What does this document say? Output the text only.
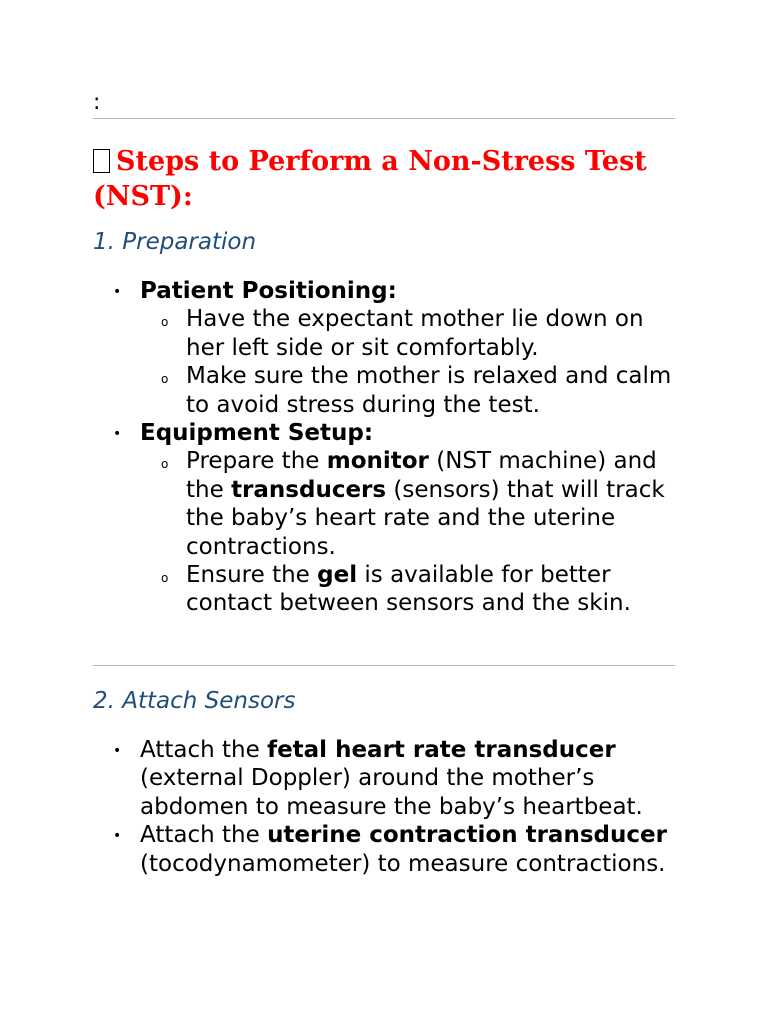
:
Steps to Perform a Non-Stress Test (NST):
1. Preparation
• Patient Positioning:
o Have the expectant mother lie down on her left side or sit comfortably.
o Make sure the mother is relaxed and calm to avoid stress during the test.
• Equipment Setup:
o Prepare the monitor (NST machine) and the transducers (sensors) that will track the baby’s heart rate and the uterine contractions.
o Ensure the gel is available for better contact between sensors and the skin.
2. Attach Sensors
• Attach the fetal heart rate transducer (external Doppler) around the mother’s abdomen to measure the baby’s heartbeat.
• Attach the uterine contraction transducer (tocodynamometer) to measure contractions.
